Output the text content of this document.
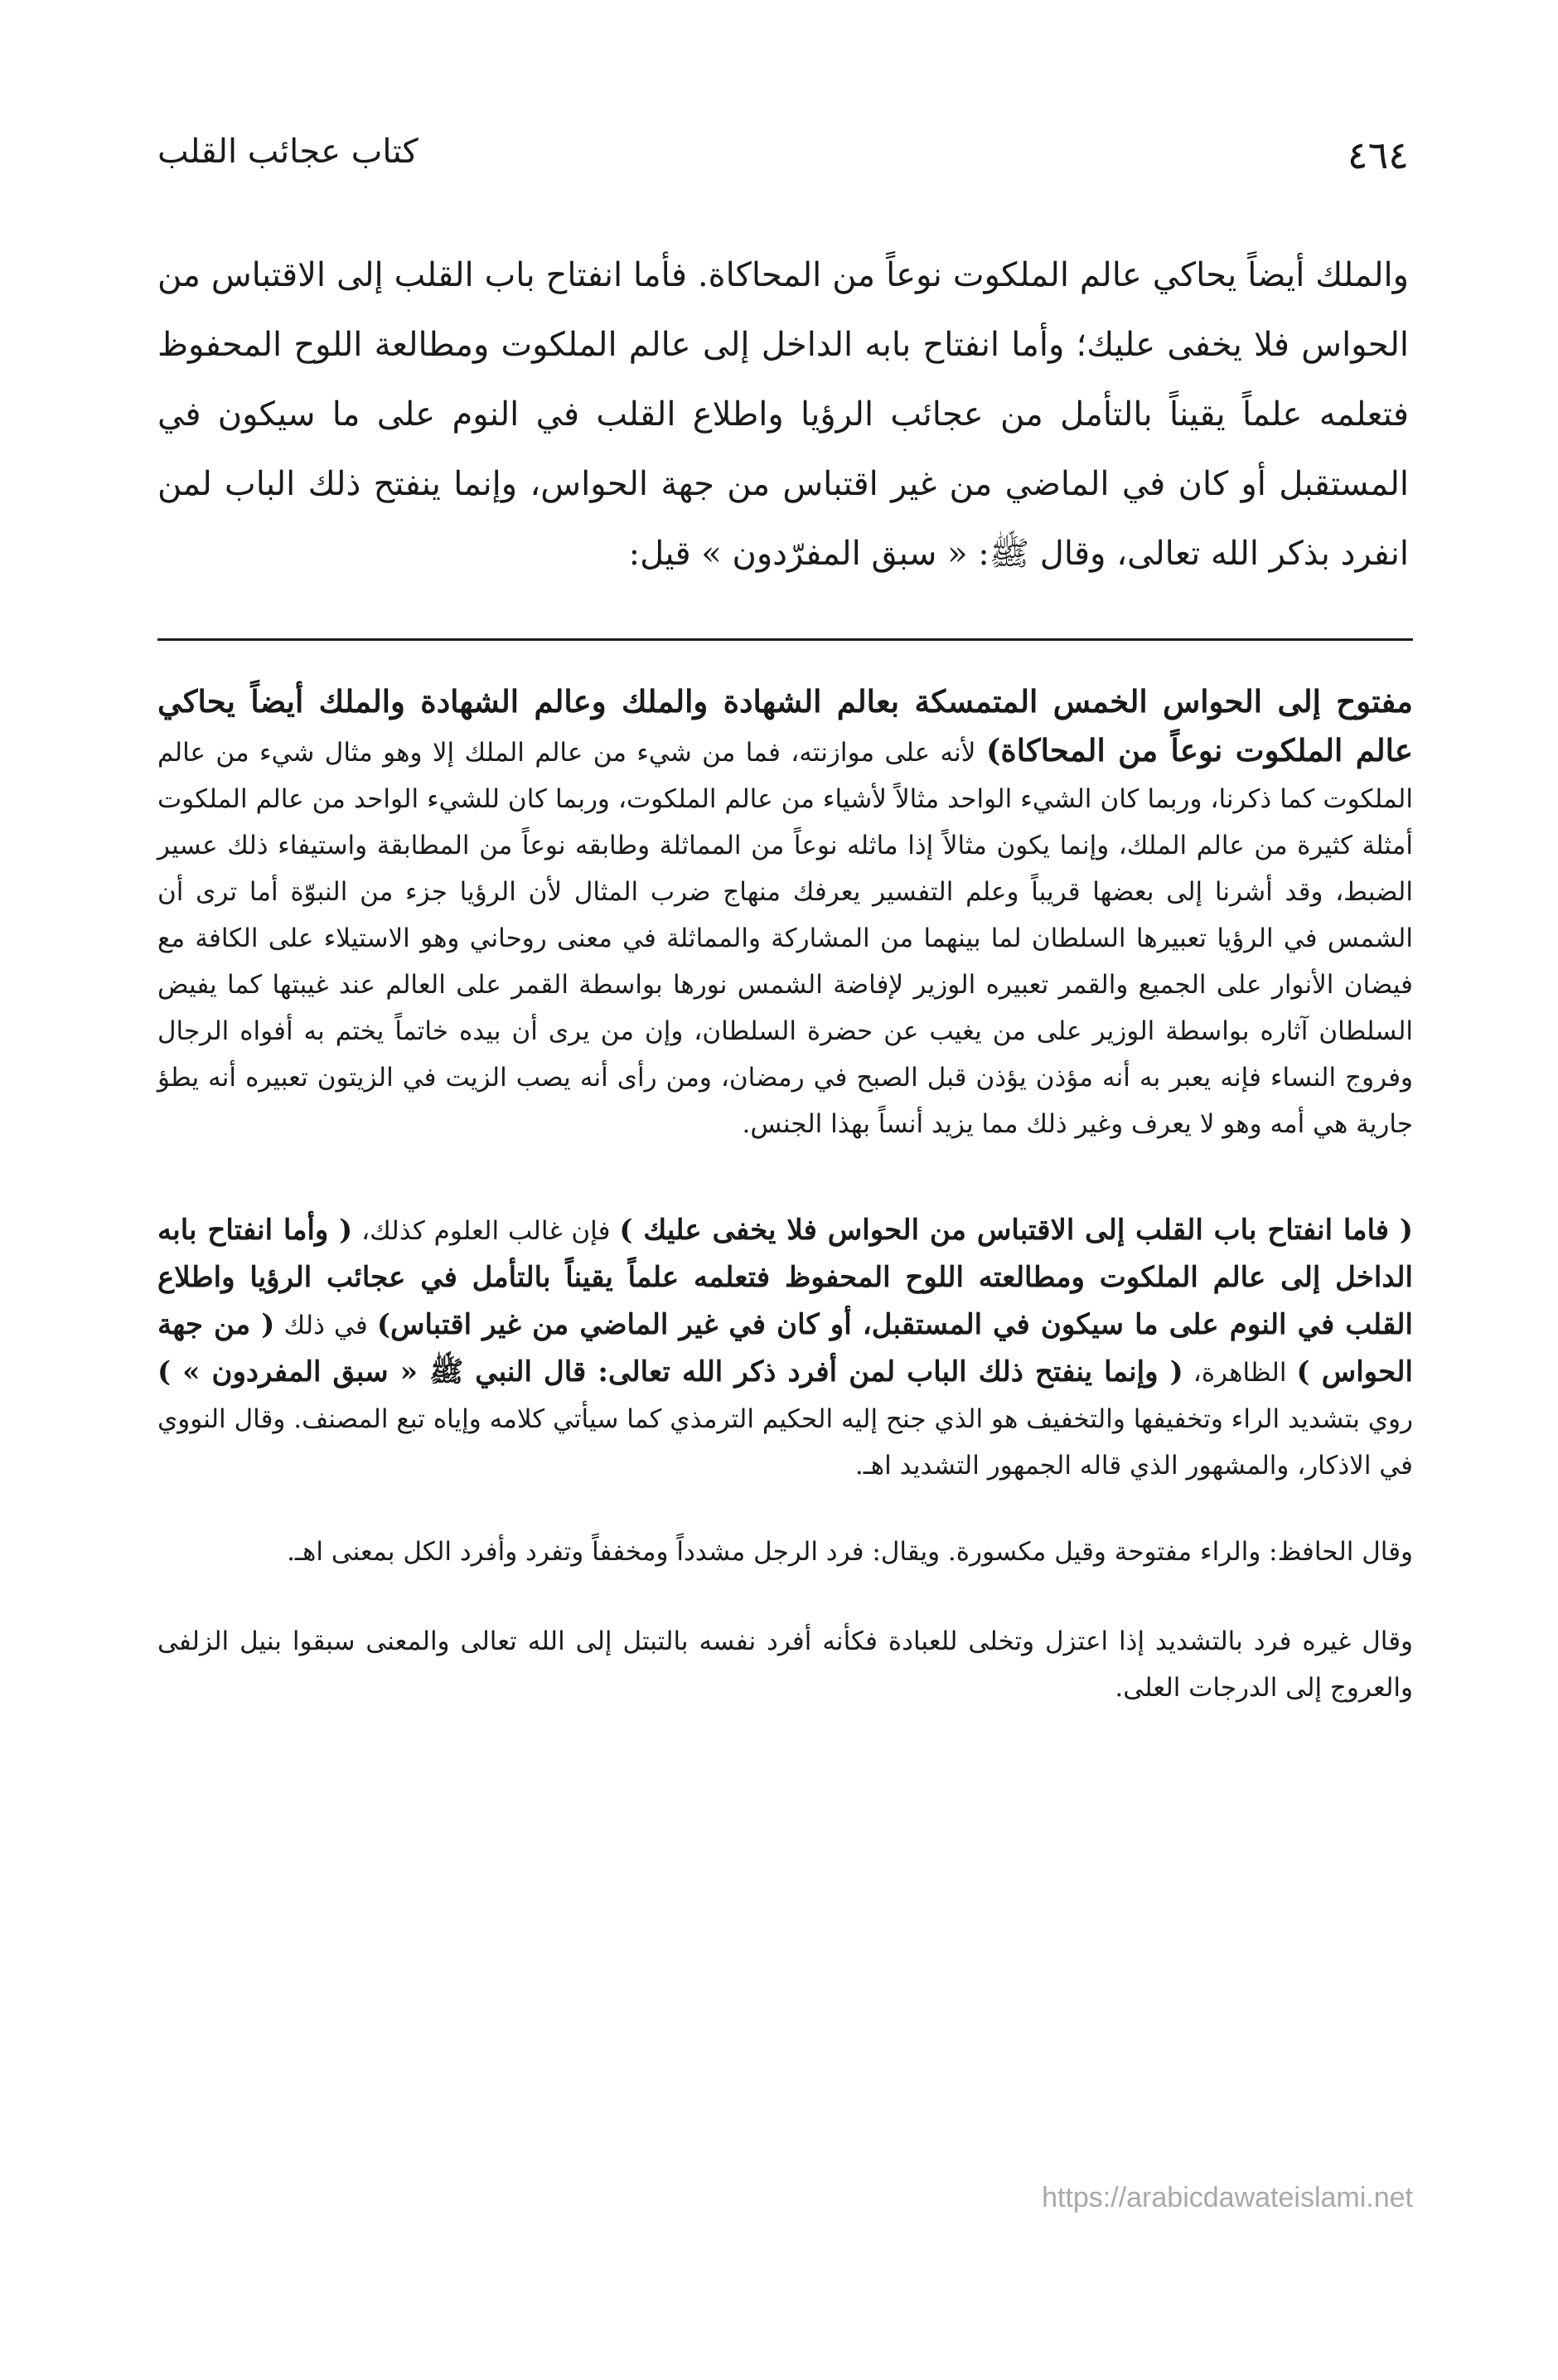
٤٦٤
كتاب عجائب القلب

والملك أيضاً يحاكي عالم الملكوت نوعاً من المحاكاة. فأما انفتاح باب القلب إلى الاقتباس من الحواس فلا يخفى عليك؛ وأما انفتاح بابه الداخل إلى عالم الملكوت ومطالعة اللوح المحفوظ فتعلمه علماً يقيناً بالتأمل من عجائب الرؤيا واطلاع القلب في النوم على ما سيكون في المستقبل أو كان في الماضي من غير اقتباس من جهة الحواس، وإنما ينفتح ذلك الباب لمن انفرد بذكر الله تعالى، وقال ﷺ: « سبق المفرّدون » قيل:

مفتوح إلى الحواس الخمس المتمسكة بعالم الشهادة والملك وعالم الشهادة والملك أيضاً يحاكي عالم الملكوت نوعاً من المحاكاة) لأنه على موازنته، فما من شيء من عالم الملك إلا وهو مثال شيء من عالم الملكوت كما ذكرنا، وربما كان الشيء الواحد مثالاً لأشياء من عالم الملكوت، وربما كان للشيء الواحد من عالم الملكوت أمثلة كثيرة من عالم الملك، وإنما يكون مثالاً إذا ماثله نوعاً من المماثلة وطابقه نوعاً من المطابقة واستيفاء ذلك عسير الضبط، وقد أشرنا إلى بعضها قريباً وعلم التفسير يعرفك منهاج ضرب المثال لأن الرؤيا جزء من النبوّة أما ترى أن الشمس في الرؤيا تعبيرها السلطان لما بينهما من المشاركة والمماثلة في معنى روحاني وهو الاستيلاء على الكافة مع فيضان الأنوار على الجميع والقمر تعبيره الوزير لإفاضة الشمس نورها بواسطة القمر على العالم عند غيبتها كما يفيض السلطان آثاره بواسطة الوزير على من يغيب عن حضرة السلطان، وإن من يرى أن بيده خاتماً يختم به أفواه الرجال وفروج النساء فإنه يعبر به أنه مؤذن يؤذن قبل الصبح في رمضان، ومن رأى أنه يصب الزيت في الزيتون تعبيره أنه يطؤ جارية هي أمه وهو لا يعرف وغير ذلك مما يزيد أنساً بهذا الجنس.

( فاما انفتاح باب القلب إلى الاقتباس من الحواس فلا يخفى عليك ) فإن غالب العلوم كذلك، ( وأما انفتاح بابه الداخل إلى عالم الملكوت ومطالعته اللوح المحفوظ فتعلمه علماً يقيناً بالتأمل في عجائب الرؤيا واطلاع القلب في النوم على ما سيكون في المستقبل، أو كان في غير الماضي من غير اقتباس) في ذلك ( من جهة الحواس ) الظاهرة، ( وإنما ينفتح ذلك الباب لمن أفرد ذكر الله تعالى: قال النبي ﷺ « سبق المفردون » ) روي بتشديد الراء وتخفيفها والتخفيف هو الذي جنح إليه الحكيم الترمذي كما سيأتي كلامه وإياه تبع المصنف. وقال النووي في الاذكار، والمشهور الذي قاله الجمهور التشديد اهـ.

وقال الحافظ: والراء مفتوحة وقيل مكسورة. ويقال: فرد الرجل مشدداً ومخففاً وتفرد وأفرد الكل بمعنى اهـ.

وقال غيره فرد بالتشديد إذا اعتزل وتخلى للعبادة فكأنه أفرد نفسه بالتبتل إلى الله تعالى والمعنى سبقوا بنيل الزلفى والعروج إلى الدرجات العلى.

https://arabicdawateislami.net
